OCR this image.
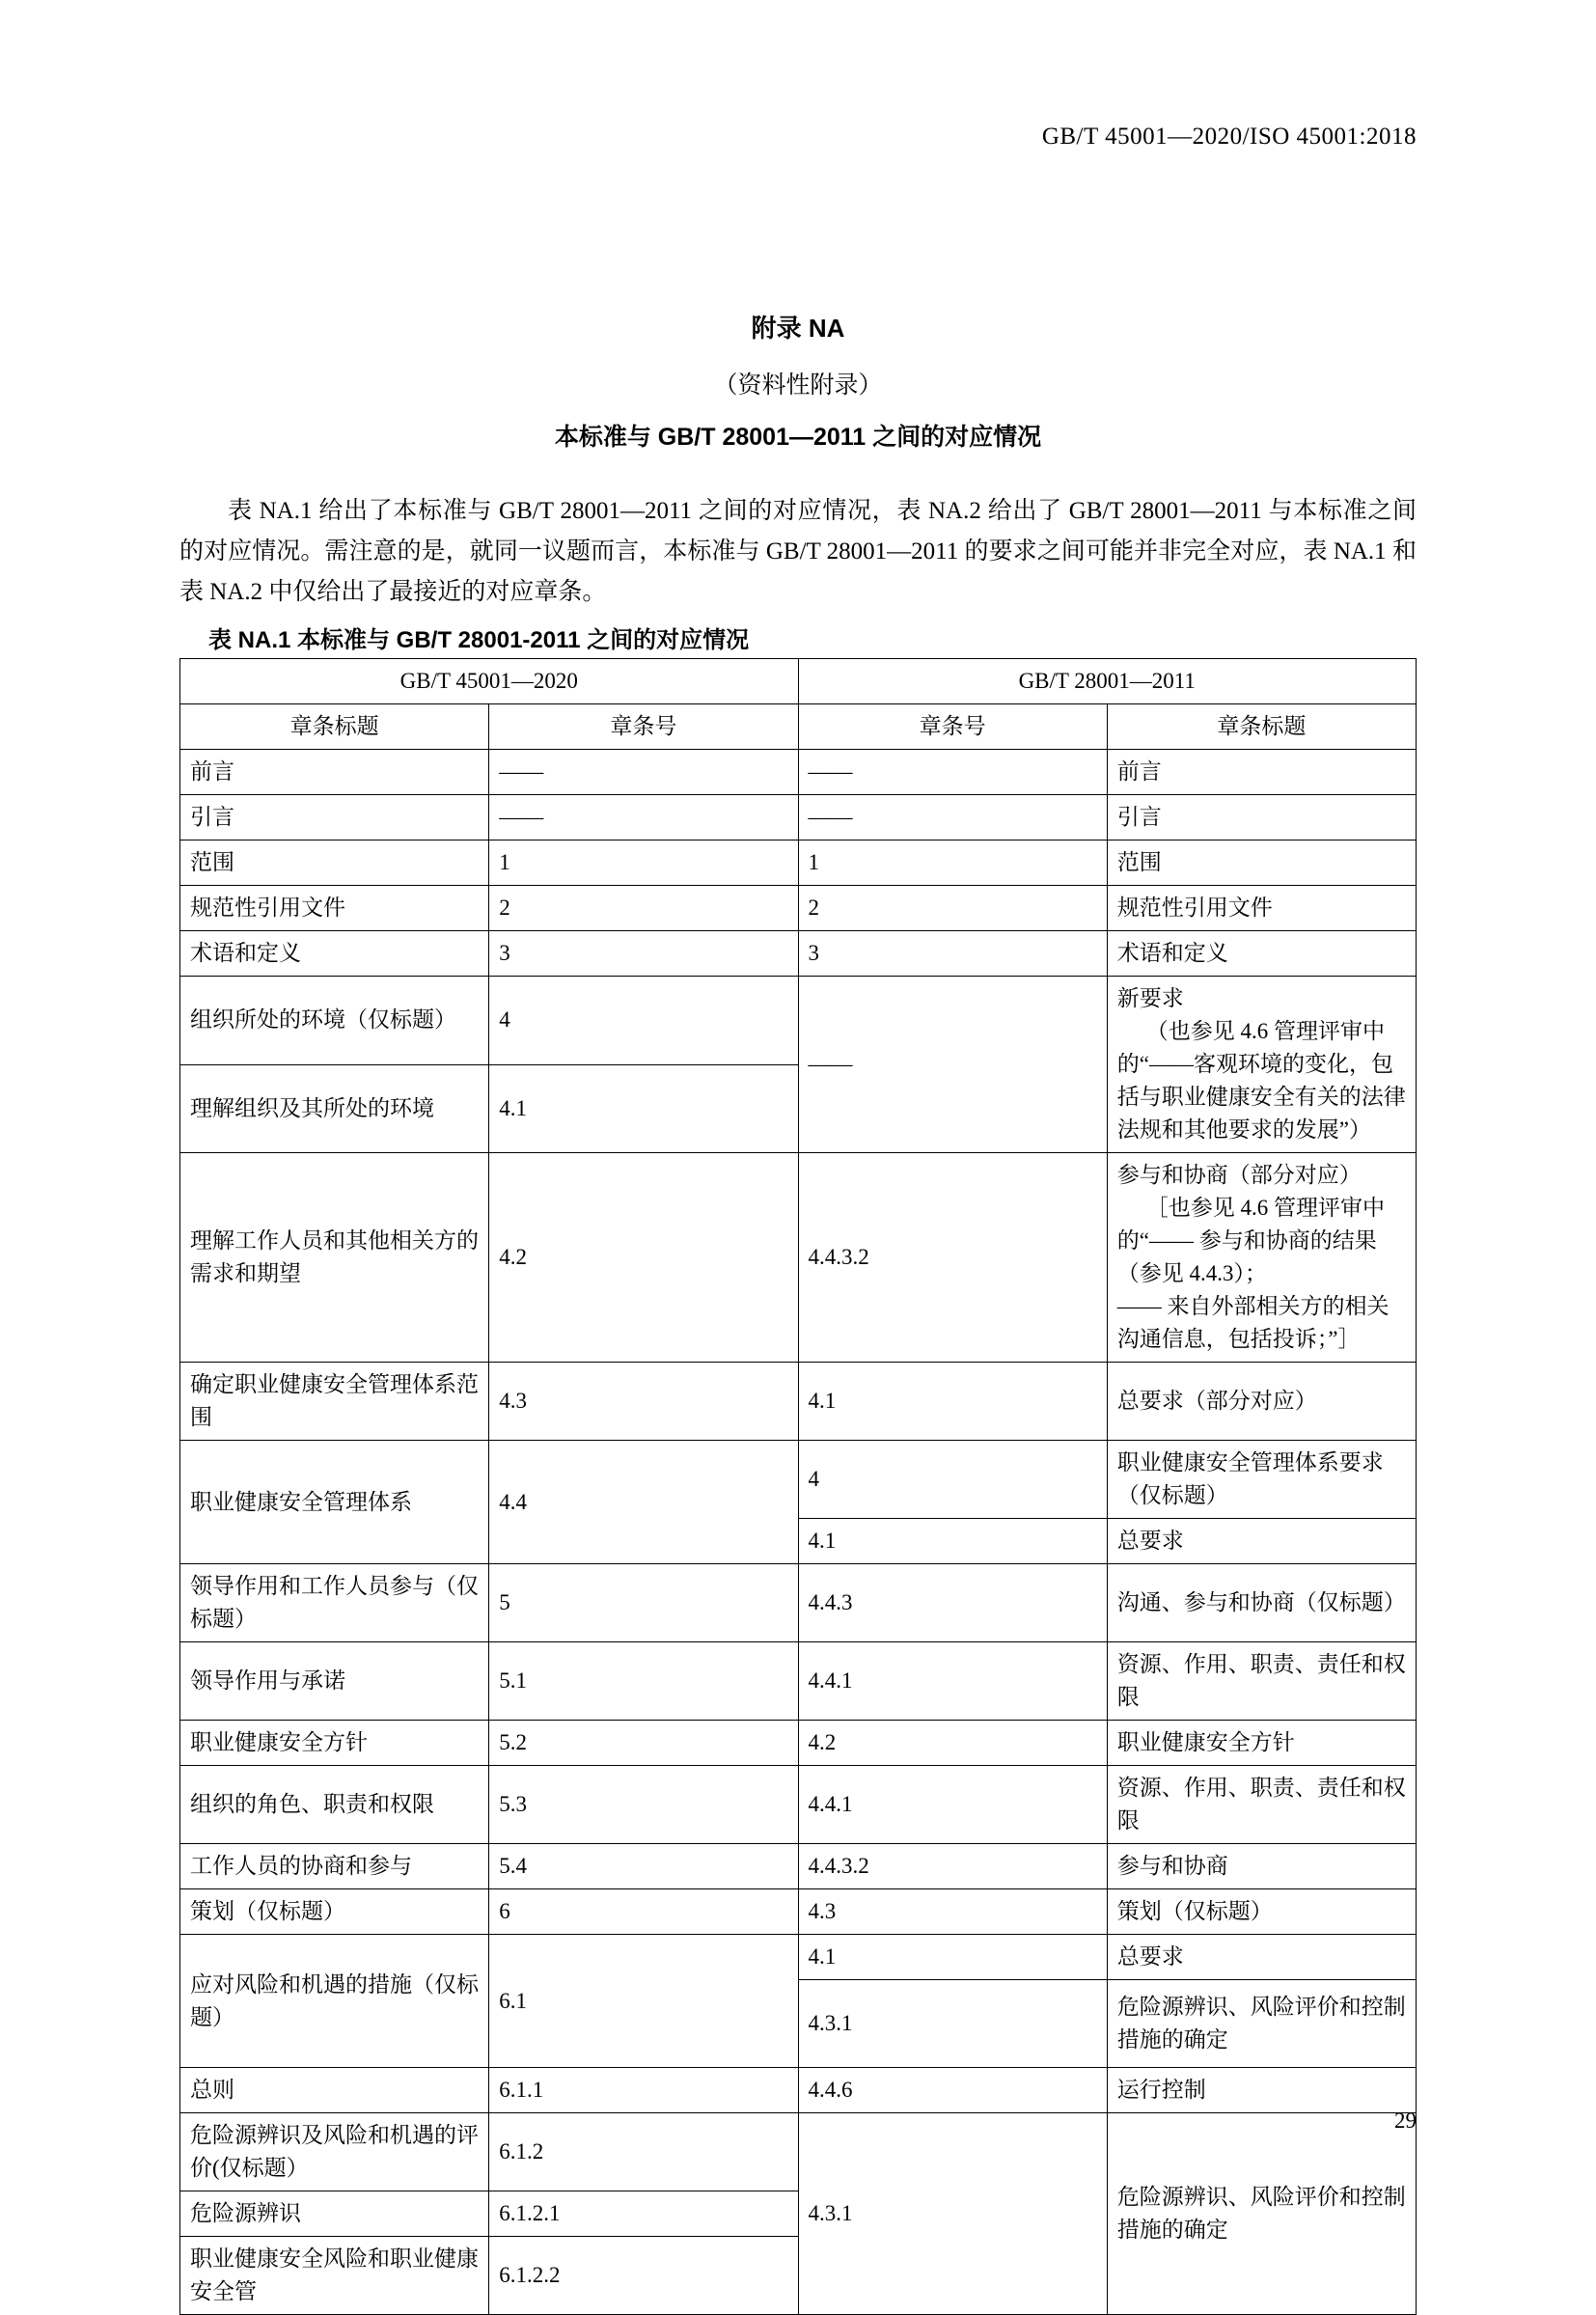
GB/T 45001—2020/ISO 45001:2018
附录 NA
（资料性附录）
本标准与 GB/T 28001—2011 之间的对应情况

表 NA.1 给出了本标准与 GB/T 28001—2011 之间的对应情况，表 NA.2 给出了 GB/T 28001—2011 与本标准之间的对应情况。需注意的是，就同一议题而言，本标准与 GB/T 28001—2011 的要求之间可能并非完全对应，表 NA.1 和表 NA.2 中仅给出了最接近的对应章条。

表 NA.1 本标准与 GB/T 28001-2011 之间的对应情况
GB/T 45001—2020		GB/T 28001—2011	
章条标题	章条号	章条号	章条标题
前言	——	——	前言
引言	——	——	引言
范围	1	1	范围
规范性引用文件	2	2	规范性引用文件
术语和定义	3	3	术语和定义
组织所处的环境（仅标题）	4	——	新要求
（也参见 4.6 管理评审中的“——客观环境的变化，包括与职业健康安全有关的法律法规和其他要求的发展”）

理解组织及其所处的环境	4.1		
理解工作人员和其他相关方的需求和期望	4.2	4.4.3.2	参与和协商（部分对应）
［也参见 4.6 管理评审中的“—— 参与和协商的结果（参见 4.4.3）；
—— 来自外部相关方的相关沟通信息，包括投诉；”］

确定职业健康安全管理体系范围	4.3	4.1	总要求（部分对应）
职业健康安全管理体系	4.4	4	职业健康安全管理体系要求（仅标题）
		4.1	总要求
领导作用和工作人员参与（仅标题）	5	4.4.3	沟通、参与和协商（仅标题）
领导作用与承诺	5.1	4.4.1	资源、作用、职责、责任和权限
职业健康安全方针	5.2	4.2	职业健康安全方针
组织的角色、职责和权限	5.3	4.4.1	资源、作用、职责、责任和权限
工作人员的协商和参与	5.4	4.4.3.2	参与和协商
策划（仅标题）	6	4.3	策划（仅标题）
应对风险和机遇的措施（仅标题）	6.1	4.1	总要求
		4.3.1	危险源辨识、风险评价和控制措施的确定
总则	6.1.1	4.4.6	运行控制
危险源辨识及风险和机遇的评价(仅标题）	6.1.2	4.3.1	危险源辨识、风险评价和控制措施的确定
危险源辨识	6.1.2.1		
职业健康安全风险和职业健康安全管	6.1.2.2		
29
